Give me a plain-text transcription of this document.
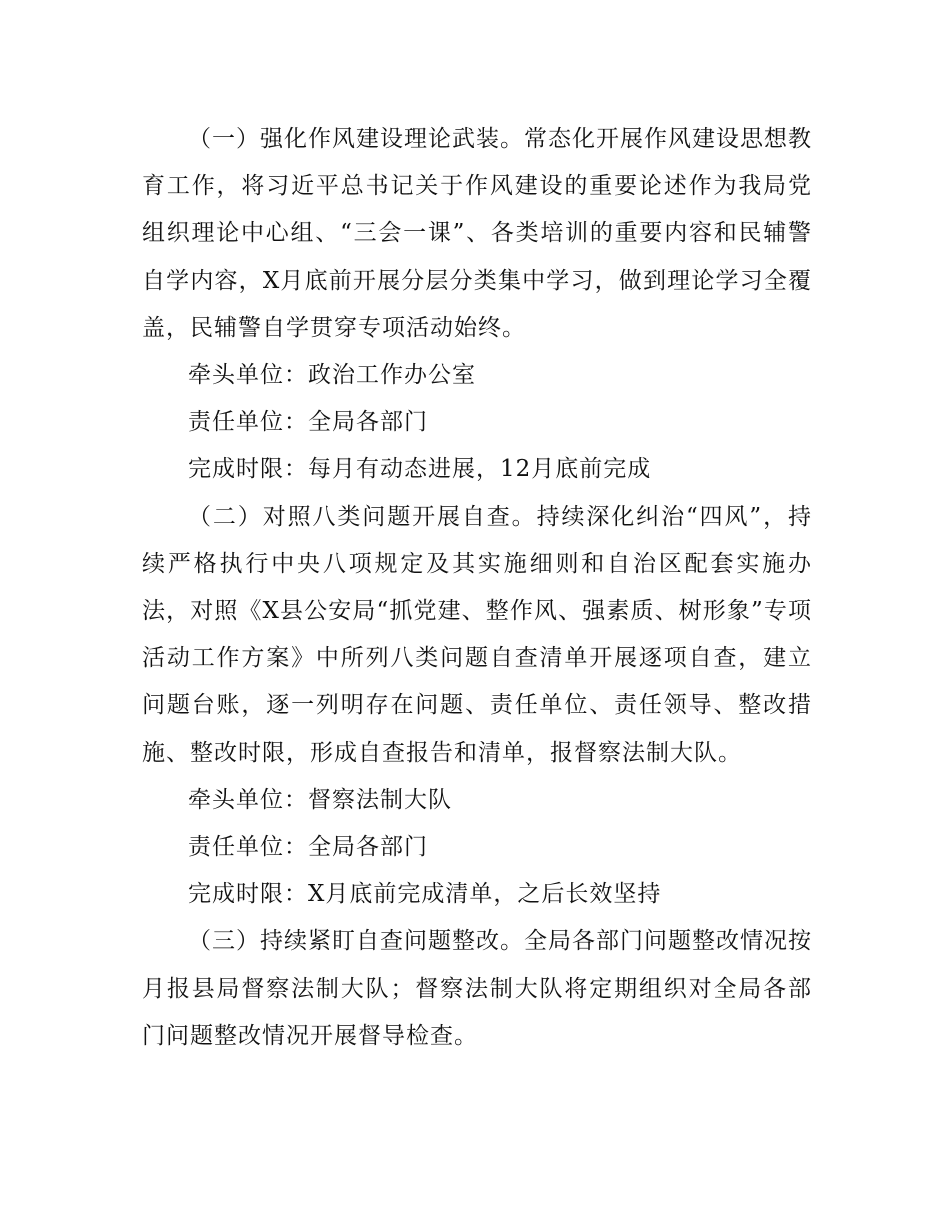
（一）强化作风建设理论武装。常态化开展作风建设思想教育工作，将习近平总书记关于作风建设的重要论述作为我局党组织理论中心组、“三会一课”、各类培训的重要内容和民辅警自学内容，X月底前开展分层分类集中学习，做到理论学习全覆盖，民辅警自学贯穿专项活动始终。

牵头单位：政治工作办公室

责任单位：全局各部门

完成时限：每月有动态进展，12月底前完成

（二）对照八类问题开展自查。持续深化纠治“四风”，持续严格执行中央八项规定及其实施细则和自治区配套实施办法，对照《X县公安局“抓党建、整作风、强素质、树形象”专项活动工作方案》中所列八类问题自查清单开展逐项自查，建立问题台账，逐一列明存在问题、责任单位、责任领导、整改措施、整改时限，形成自查报告和清单，报督察法制大队。

牵头单位：督察法制大队

责任单位：全局各部门

完成时限：X月底前完成清单，之后长效坚持

（三）持续紧盯自查问题整改。全局各部门问题整改情况按月报县局督察法制大队；督察法制大队将定期组织对全局各部门问题整改情况开展督导检查。
